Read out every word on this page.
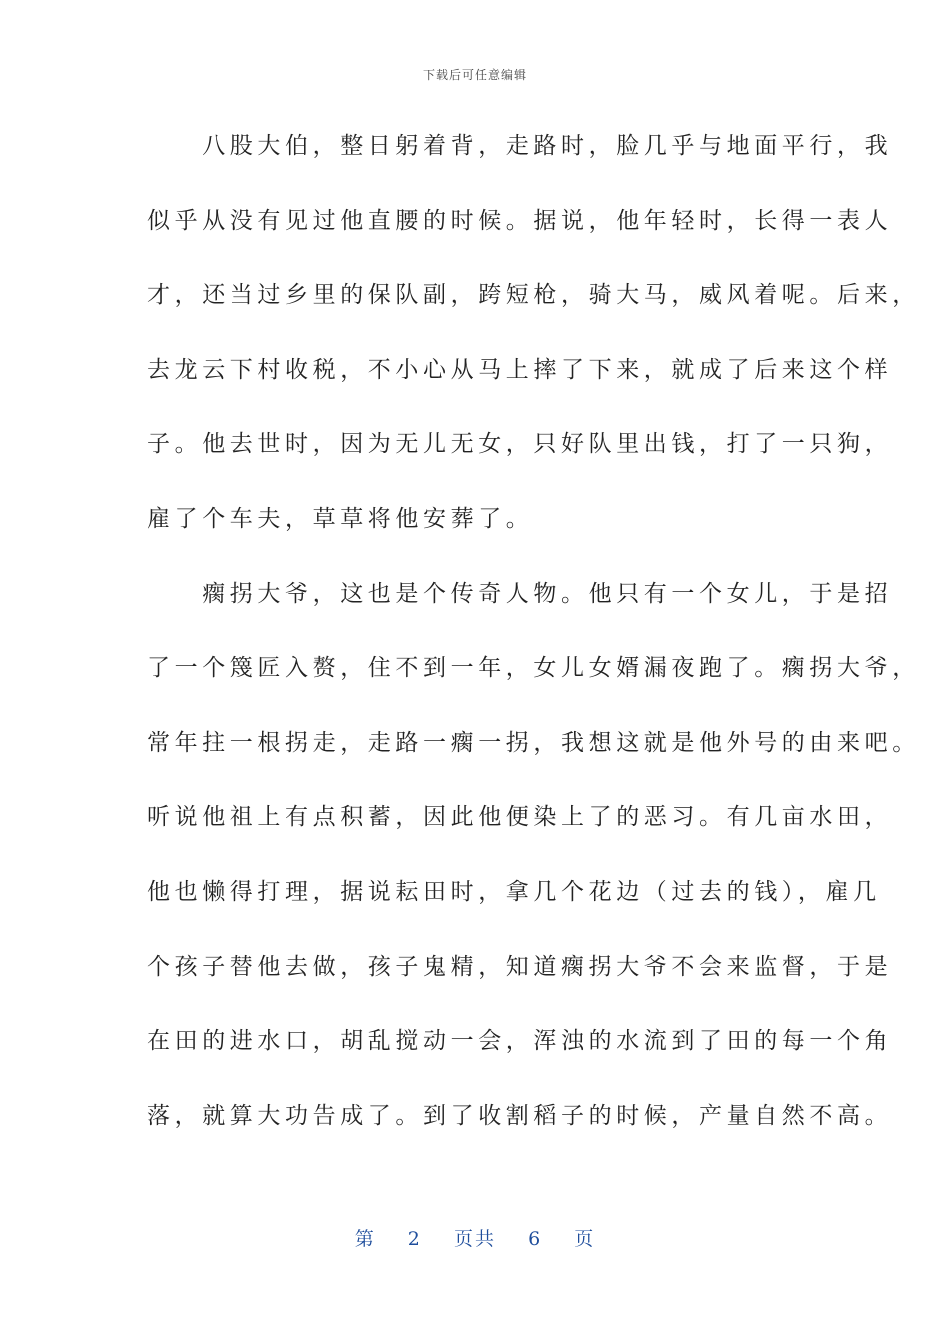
下载后可任意编辑
　　八股大伯，整日躬着背，走路时，脸几乎与地面平行，我
似乎从没有见过他直腰的时候。据说，他年轻时，长得一表人
才，还当过乡里的保队副，跨短枪，骑大马，威风着呢。后来，
去龙云下村收税，不小心从马上摔了下来，就成了后来这个样
子。他去世时，因为无儿无女，只好队里出钱，打了一只狗，
雇了个车夫，草草将他安葬了。
　　瘸拐大爷，这也是个传奇人物。他只有一个女儿，于是招
了一个篾匠入赘，住不到一年，女儿女婿漏夜跑了。瘸拐大爷，
常年拄一根拐走，走路一瘸一拐，我想这就是他外号的由来吧。
听说他祖上有点积蓄，因此他便染上了的恶习。有几亩水田，
他也懒得打理，据说耘田时，拿几个花边（过去的钱），雇几
个孩子替他去做，孩子鬼精，知道瘸拐大爷不会来监督，于是
在田的进水口，胡乱搅动一会，浑浊的水流到了田的每一个角
落，就算大功告成了。到了收割稻子的时候，产量自然不高。
第 2 页共 6 页
